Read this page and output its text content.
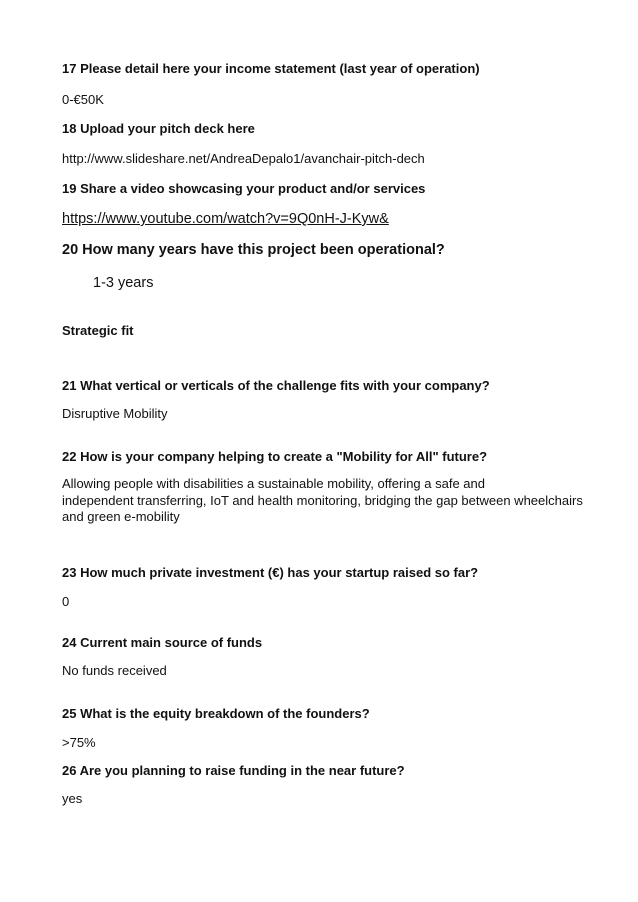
17 Please detail here your income statement (last year of operation)
0-€50K
18 Upload your pitch deck here
http://www.slideshare.net/AndreaDepalo1/avanchair-pitch-dech
19 Share a video showcasing your product and/or services
https://www.youtube.com/watch?v=9Q0nH-J-Kyw&
20 How many years have this project been operational?
1-3 years
Strategic fit
21 What vertical or verticals of the challenge fits with your company?
Disruptive Mobility
22 How is your company helping to create a "Mobility for All" future?
Allowing people with disabilities a sustainable mobility, offering a safe and
independent transferring, IoT and health monitoring, bridging the gap between wheelchairs
and green e-mobility
23 How much private investment (€) has your startup raised so far?
0
24 Current main source of funds
No funds received
25 What is the equity breakdown of the founders?
>75%
26 Are you planning to raise funding in the near future?
yes
